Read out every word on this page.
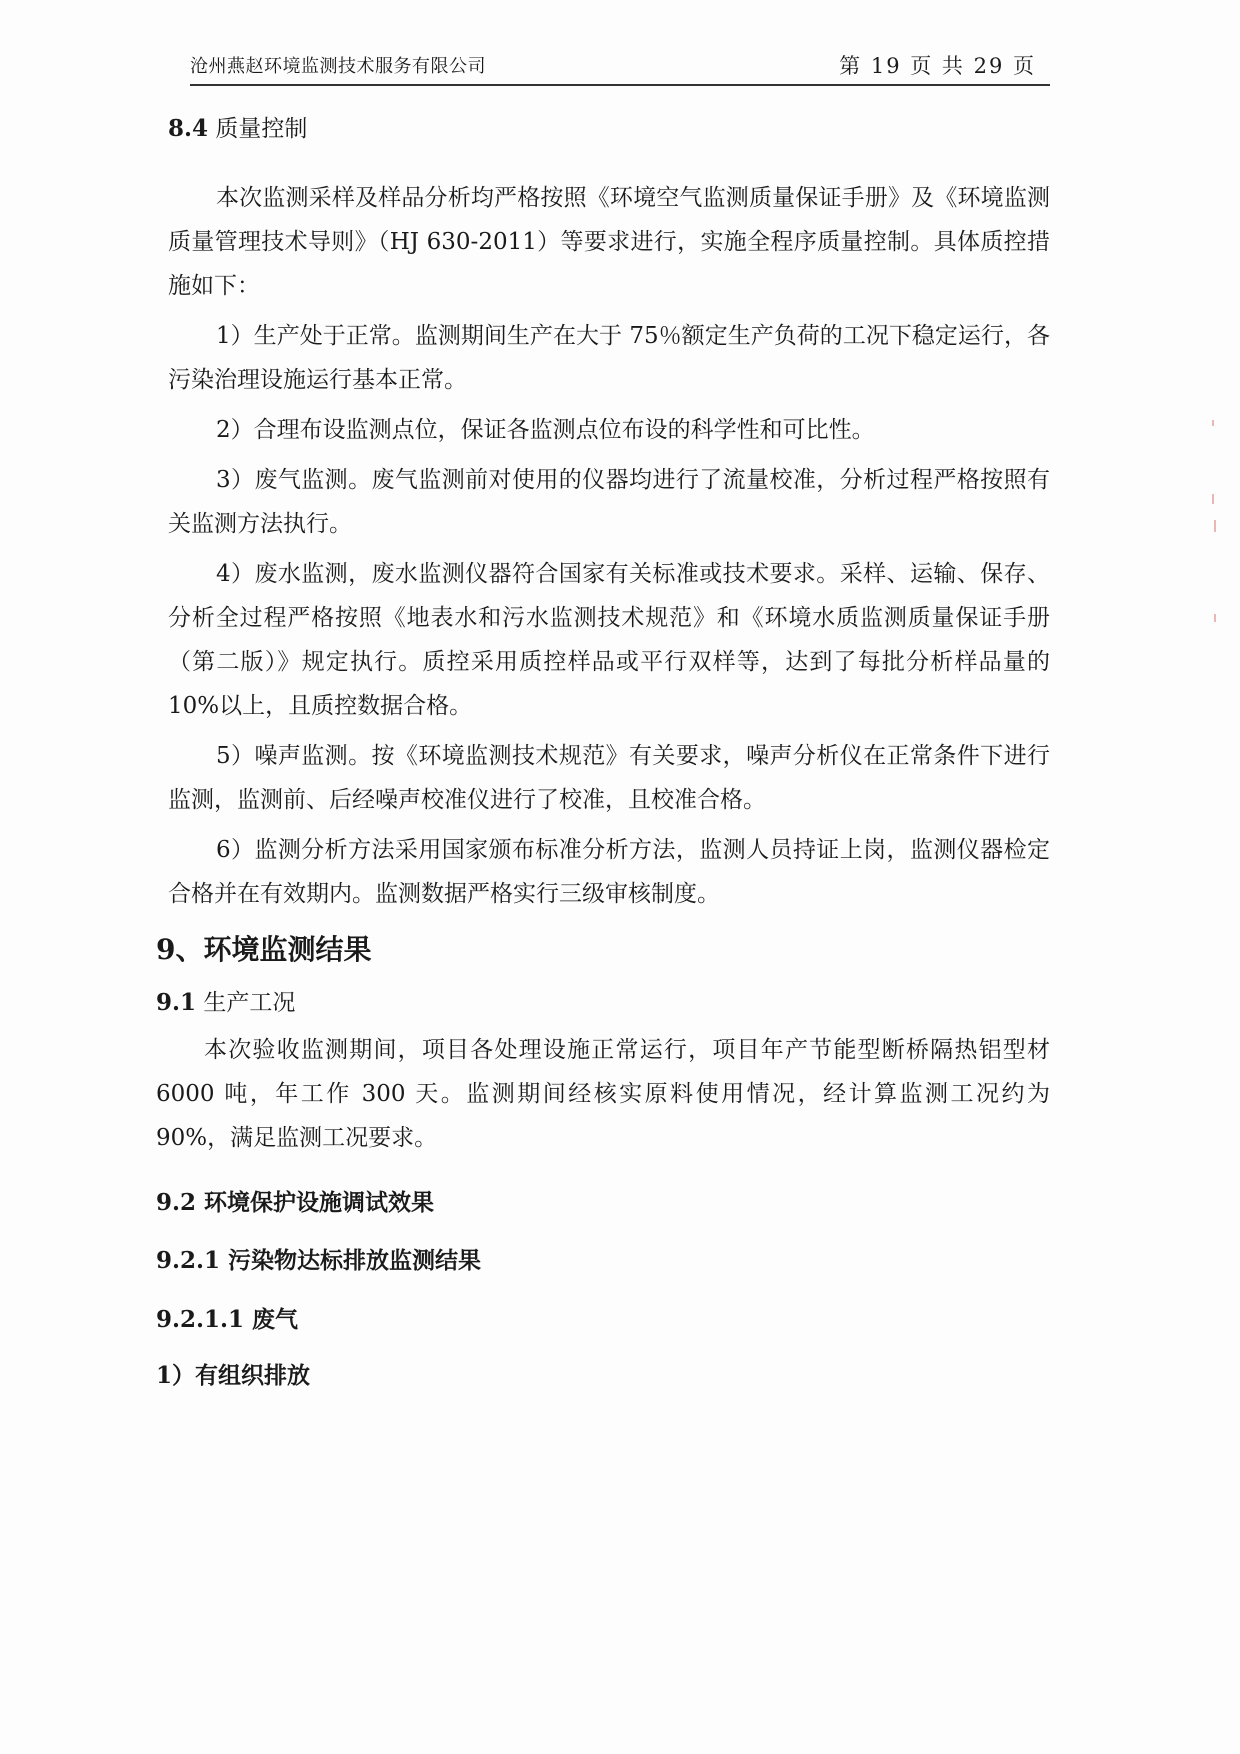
沧州燕赵环境监测技术服务有限公司	第 19 页 共 29 页
8.4 质量控制

本次监测采样及样品分析均严格按照《环境空气监测质量保证手册》及《环境监测质量管理技术导则》（HJ 630-2011）等要求进行，实施全程序质量控制。具体质控措施如下：

1）生产处于正常。监测期间生产在大于 75％额定生产负荷的工况下稳定运行，各污染治理设施运行基本正常。

2）合理布设监测点位，保证各监测点位布设的科学性和可比性。

3）废气监测。废气监测前对使用的仪器均进行了流量校准，分析过程严格按照有关监测方法执行。

4）废水监测，废水监测仪器符合国家有关标准或技术要求。采样、运输、保存、分析全过程严格按照《地表水和污水监测技术规范》和《环境水质监测质量保证手册（第二版）》规定执行。质控采用质控样品或平行双样等，达到了每批分析样品量的 10%以上，且质控数据合格。

5）噪声监测。按《环境监测技术规范》有关要求，噪声分析仪在正常条件下进行监测，监测前、后经噪声校准仪进行了校准，且校准合格。

6）监测分析方法采用国家颁布标准分析方法，监测人员持证上岗，监测仪器检定合格并在有效期内。监测数据严格实行三级审核制度。

9、环境监测结果
9.1 生产工况

本次验收监测期间，项目各处理设施正常运行，项目年产节能型断桥隔热铝型材 6000 吨，年工作 300 天。监测期间经核实原料使用情况，经计算监测工况约为 90%，满足监测工况要求。

9.2 环境保护设施调试效果
9.2.1 污染物达标排放监测结果
9.2.1.1 废气
1）有组织排放
